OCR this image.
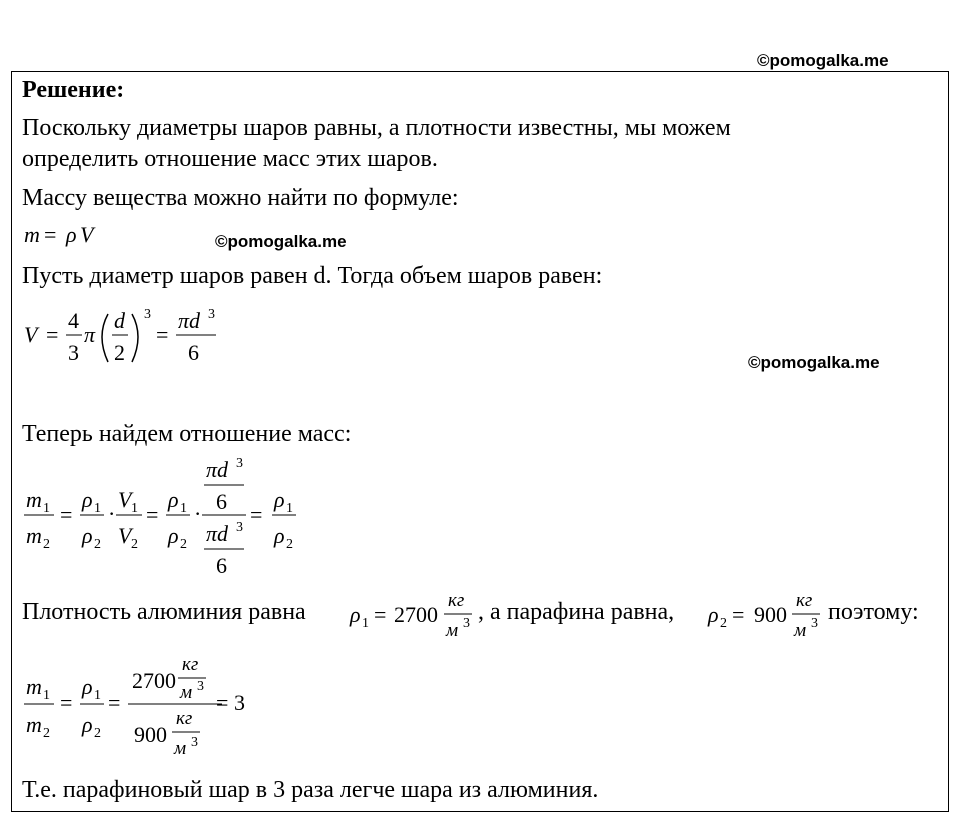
©pomogalka.me
©pomogalka.me
©pomogalka.me
Решение:
Поскольку диаметры шаров равны, а плотности известны, мы можем
определить отношение масс этих шаров.
Массу вещества можно найти по формуле:
m = ρ V
Пусть диаметр шаров равен d. Тогда объем шаров равен:
V =
4
3
π
d
2
3
=
πd 3
6
Теперь найдем отношение масс:
m 1
m 2
=
ρ 1
ρ 2
·
V 1
V 2
=
ρ 1
ρ 2
·
πd 3
6
πd 3
6
=
ρ 1
ρ 2
Плотность алюминия равна ρ 1 = 2700
кг
м 3 , а парафина равна, ρ 2 = 900
кг
м 3 поэтому:
m 1
m 2
=
ρ 1
ρ 2
=
2700
кг
м 3
900
кг
м 3
= 3
Т.е. парафиновый шар в 3 раза легче шара из алюминия.
